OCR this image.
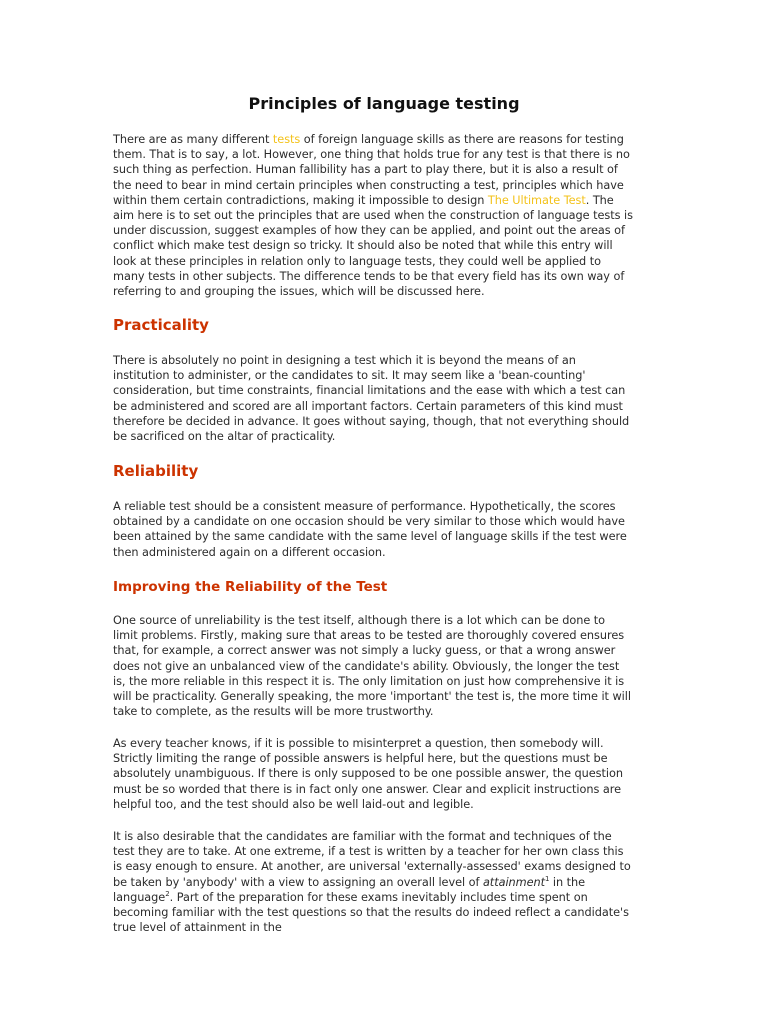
Principles of language testing

There are as many different tests of foreign language skills as there are reasons for testing them. That is to say, a lot. However, one thing that holds true for any test is that there is no such thing as perfection. Human fallibility has a part to play there, but it is also a result of the need to bear in mind certain principles when constructing a test, principles which have within them certain contradictions, making it impossible to design The Ultimate Test. The aim here is to set out the principles that are used when the construction of language tests is under discussion, suggest examples of how they can be applied, and point out the areas of conflict which make test design so tricky. It should also be noted that while this entry will look at these principles in relation only to language tests, they could well be applied to many tests in other subjects. The difference tends to be that every field has its own way of referring to and grouping the issues, which will be discussed here.

Practicality

There is absolutely no point in designing a test which it is beyond the means of an institution to administer, or the candidates to sit. It may seem like a 'bean-counting' consideration, but time constraints, financial limitations and the ease with which a test can be administered and scored are all important factors. Certain parameters of this kind must therefore be decided in advance. It goes without saying, though, that not everything should be sacrificed on the altar of practicality.

Reliability

A reliable test should be a consistent measure of performance. Hypothetically, the scores obtained by a candidate on one occasion should be very similar to those which would have been attained by the same candidate with the same level of language skills if the test were then administered again on a different occasion.

Improving the Reliability of the Test

One source of unreliability is the test itself, although there is a lot which can be done to limit problems. Firstly, making sure that areas to be tested are thoroughly covered ensures that, for example, a correct answer was not simply a lucky guess, or that a wrong answer does not give an unbalanced view of the candidate's ability. Obviously, the longer the test is, the more reliable in this respect it is. The only limitation on just how comprehensive it is will be practicality. Generally speaking, the more 'important' the test is, the more time it will take to complete, as the results will be more trustworthy.

As every teacher knows, if it is possible to misinterpret a question, then somebody will. Strictly limiting the range of possible answers is helpful here, but the questions must be absolutely unambiguous. If there is only supposed to be one possible answer, the question must be so worded that there is in fact only one answer. Clear and explicit instructions are helpful too, and the test should also be well laid-out and legible.

It is also desirable that the candidates are familiar with the format and techniques of the test they are to take. At one extreme, if a test is written by a teacher for her own class this is easy enough to ensure. At another, are universal 'externally-assessed' exams designed to be taken by 'anybody' with a view to assigning an overall level of attainment$^1$ in the language$^2$. Part of the preparation for these exams inevitably includes time spent on becoming familiar with the test questions so that the results do indeed reflect a candidate's true level of attainment in the
